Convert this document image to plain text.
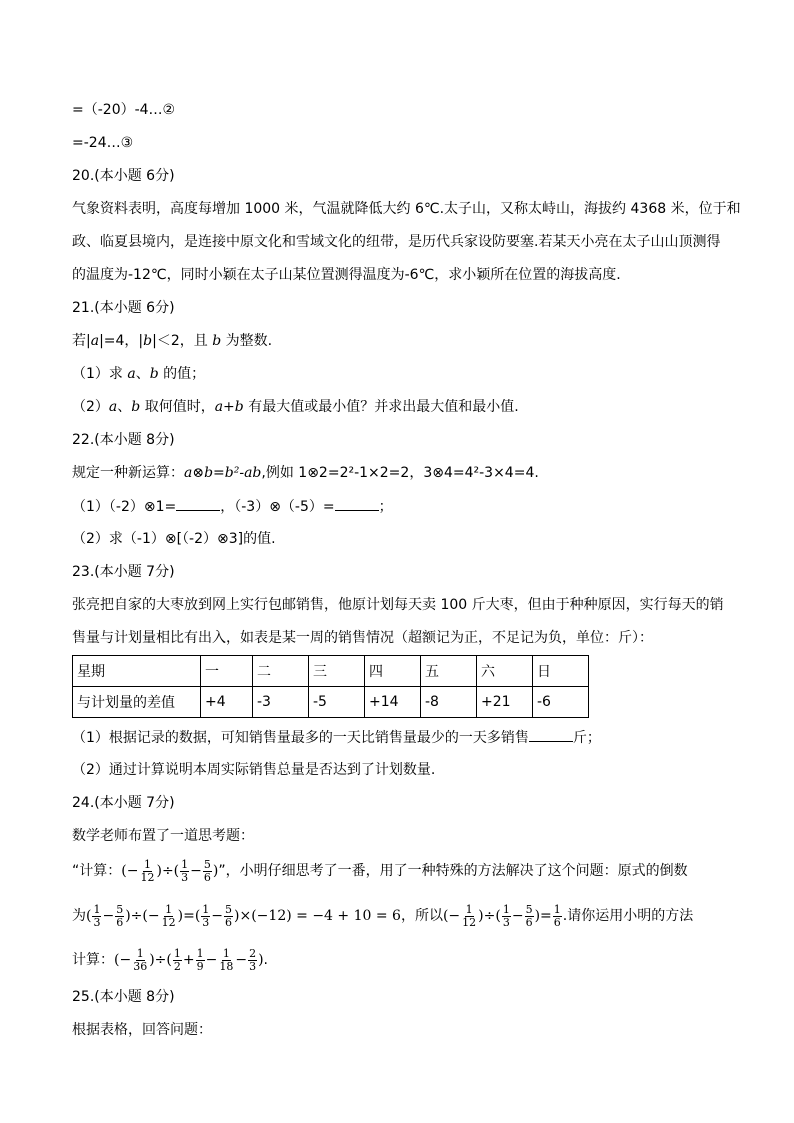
=（-20）-4…②

=-24…③

20.(本小题 6分)

气象资料表明，高度每增加 1000 米，气温就降低大约 6℃.太子山，又称太峙山，海拔约 4368 米，位于和

政、临夏县境内，是连接中原文化和雪域文化的纽带，是历代兵家设防要塞.若某天小亮在太子山山顶测得

的温度为-12℃，同时小颖在太子山某位置测得温度为-6℃，求小颖所在位置的海拔高度.

21.(本小题 6分)

若|a|=4，|b|＜2，且 b 为整数.

（1）求 a、b 的值；

（2）a、b 取何值时，a+b 有最大值或最小值？并求出最大值和最小值.

22.(本小题 8分)

规定一种新运算：a⊗b=b²-ab,例如 1⊗2=2²-1×2=2，3⊗4=4²-3×4=4.

（1）（-2）⊗1=	，（-3）⊗（-5）=	；

（2）求（-1）⊗[（-2）⊗3]的值.

23.(本小题 7分)

张亮把自家的大枣放到网上实行包邮销售，他原计划每天卖 100 斤大枣，但由于种种原因，实行每天的销

售量与计划量相比有出入，如表是某一周的销售情况（超额记为正，不足记为负，单位：斤）：

星期	一	二	三	四	五	六	日
与计划量的差值	+4	-3	-5	+14	-8	+21	-6

（1）根据记录的数据，可知销售量最多的一天比销售量最少的一天多销售	斤；

（2）通过计算说明本周实际销售总量是否达到了计划数量.

24.(本小题 7分)

数学老师布置了一道思考题：

“计算：(− $\frac{1}{12}$ )÷( $\frac{1}{3} - \frac{5}{6}$ )”，小明仔细思考了一番，用了一种特殊的方法解决了这个问题：原式的倒数
为( $\frac{1}{3} - \frac{5}{6}$ )÷(− $\frac{1}{12}$ )=( $\frac{1}{3} - \frac{5}{6} )\times(-12) = -4 + 10 = 6$，所以(− $\frac{1}{12}$ )÷( $\frac{1}{3} - \frac{5}{6}$ )= $\frac{1}{6}$ .请你运用小明的方法
计算：(− $\frac{1}{36}$ )÷( $\frac{1}{2} + \frac{1}{9} - \frac{1}{18} - \frac{2}{3}$ ).

25.(本小题 8分)

根据表格，回答问题：
